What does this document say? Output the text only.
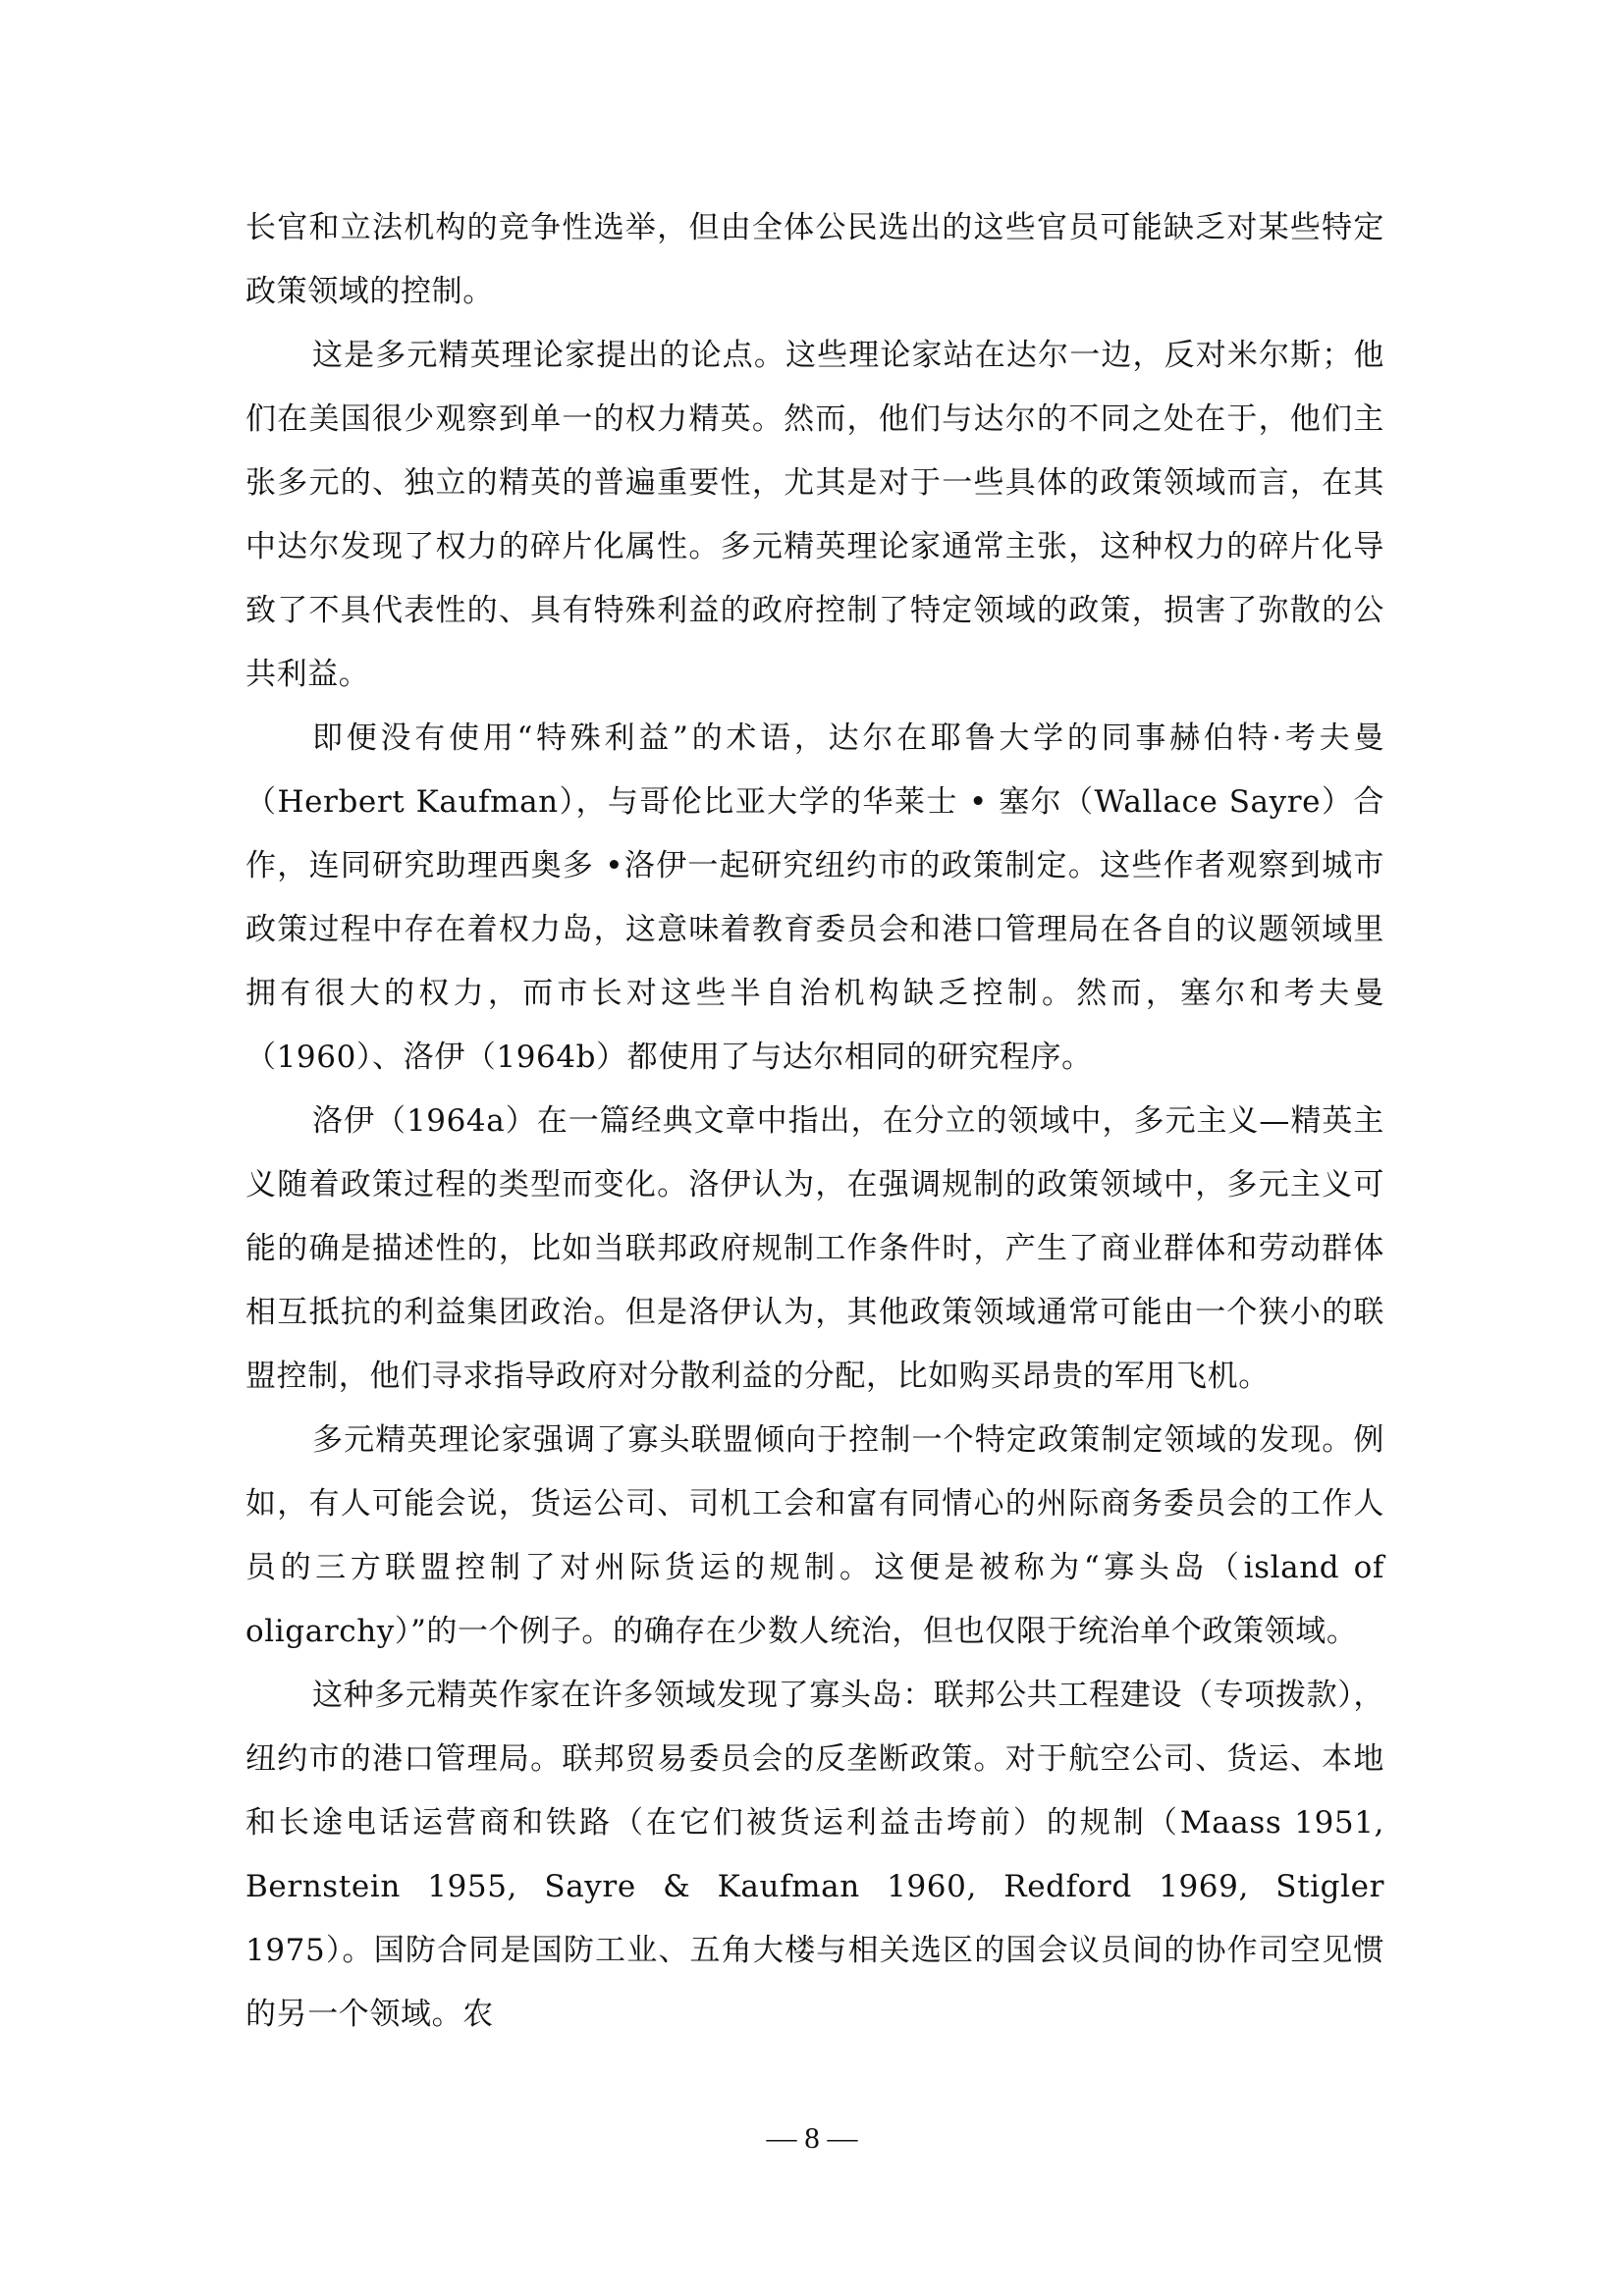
长官和立法机构的竞争性选举，但由全体公民选出的这些官员可能缺乏对某些特定政策领域的控制。

这是多元精英理论家提出的论点。这些理论家站在达尔一边，反对米尔斯；他们在美国很少观察到单一的权力精英。然而，他们与达尔的不同之处在于，他们主张多元的、独立的精英的普遍重要性，尤其是对于一些具体的政策领域而言，在其中达尔发现了权力的碎片化属性。多元精英理论家通常主张，这种权力的碎片化导致了不具代表性的、具有特殊利益的政府控制了特定领域的政策，损害了弥散的公共利益。

即便没有使用“特殊利益”的术语，达尔在耶鲁大学的同事赫伯特·考夫曼（Herbert Kaufman），与哥伦比亚大学的华莱士 • 塞尔（Wallace Sayre）合作，连同研究助理西奥多 •洛伊一起研究纽约市的政策制定。这些作者观察到城市政策过程中存在着权力岛，这意味着教育委员会和港口管理局在各自的议题领域里拥有很大的权力，而市长对这些半自治机构缺乏控制。然而，塞尔和考夫曼（1960）、洛伊（1964b）都使用了与达尔相同的研究程序。

洛伊（1964a）在一篇经典文章中指出，在分立的领域中，多元主义—精英主义随着政策过程的类型而变化。洛伊认为，在强调规制的政策领域中，多元主义可能的确是描述性的，比如当联邦政府规制工作条件时，产生了商业群体和劳动群体相互抵抗的利益集团政治。但是洛伊认为，其他政策领域通常可能由一个狭小的联盟控制，他们寻求指导政府对分散利益的分配，比如购买昂贵的军用飞机。

多元精英理论家强调了寡头联盟倾向于控制一个特定政策制定领域的发现。例如，有人可能会说，货运公司、司机工会和富有同情心的州际商务委员会的工作人员的三方联盟控制了对州际货运的规制。这便是被称为“寡头岛（island of oligarchy）”的一个例子。的确存在少数人统治，但也仅限于统治单个政策领域。

这种多元精英作家在许多领域发现了寡头岛：联邦公共工程建设（专项拨款），纽约市的港口管理局。联邦贸易委员会的反垄断政策。对于航空公司、货运、本地和长途电话运营商和铁路（在它们被货运利益击垮前）的规制（Maass 1951, Bernstein 1955, Sayre & Kaufman 1960, Redford 1969, Stigler 1975）。国防合同是国防工业、五角大楼与相关选区的国会议员间的协作司空见惯的另一个领域。农

— 8 —
